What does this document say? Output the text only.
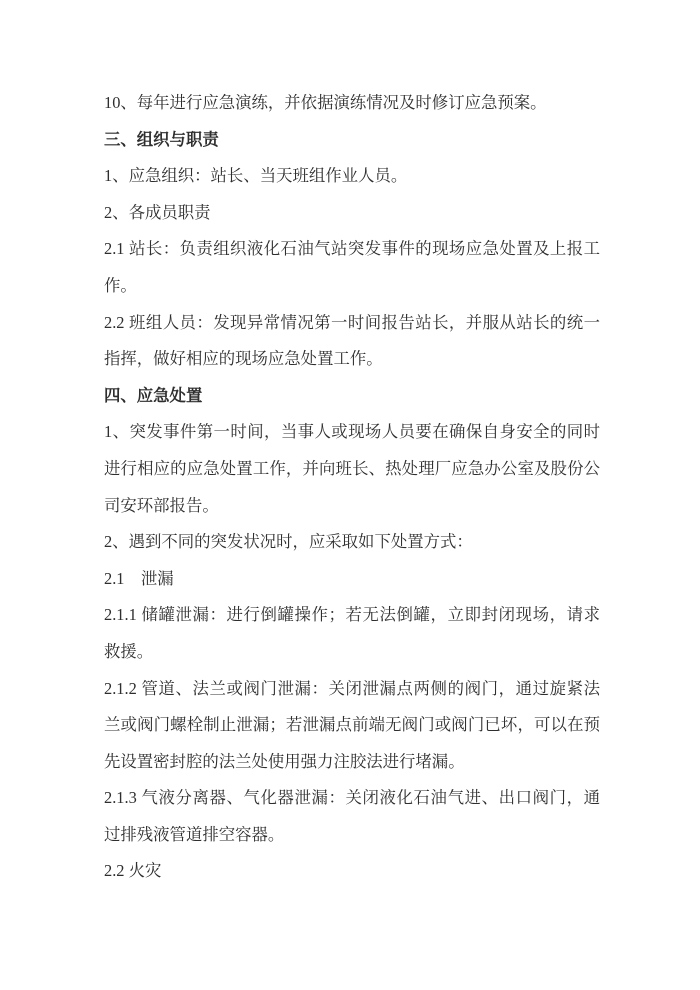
10、每年进行应急演练，并依据演练情况及时修订应急预案。
三、组织与职责
1、应急组织：站长、当天班组作业人员。
2、各成员职责
2.1 站长：负责组织液化石油气站突发事件的现场应急处置及上报工
作。
2.2 班组人员：发现异常情况第一时间报告站长，并服从站长的统一
指挥，做好相应的现场应急处置工作。
四、应急处置
1、突发事件第一时间，当事人或现场人员要在确保自身安全的同时
进行相应的应急处置工作，并向班长、热处理厂应急办公室及股份公
司安环部报告。
2、遇到不同的突发状况时，应采取如下处置方式：
2.1　泄漏
2.1.1 储罐泄漏：进行倒罐操作；若无法倒罐，立即封闭现场，请求
救援。
2.1.2 管道、法兰或阀门泄漏：关闭泄漏点两侧的阀门，通过旋紧法
兰或阀门螺栓制止泄漏；若泄漏点前端无阀门或阀门已坏，可以在预
先设置密封腔的法兰处使用强力注胶法进行堵漏。
2.1.3 气液分离器、气化器泄漏：关闭液化石油气进、出口阀门，通
过排残液管道排空容器。
2.2 火灾
